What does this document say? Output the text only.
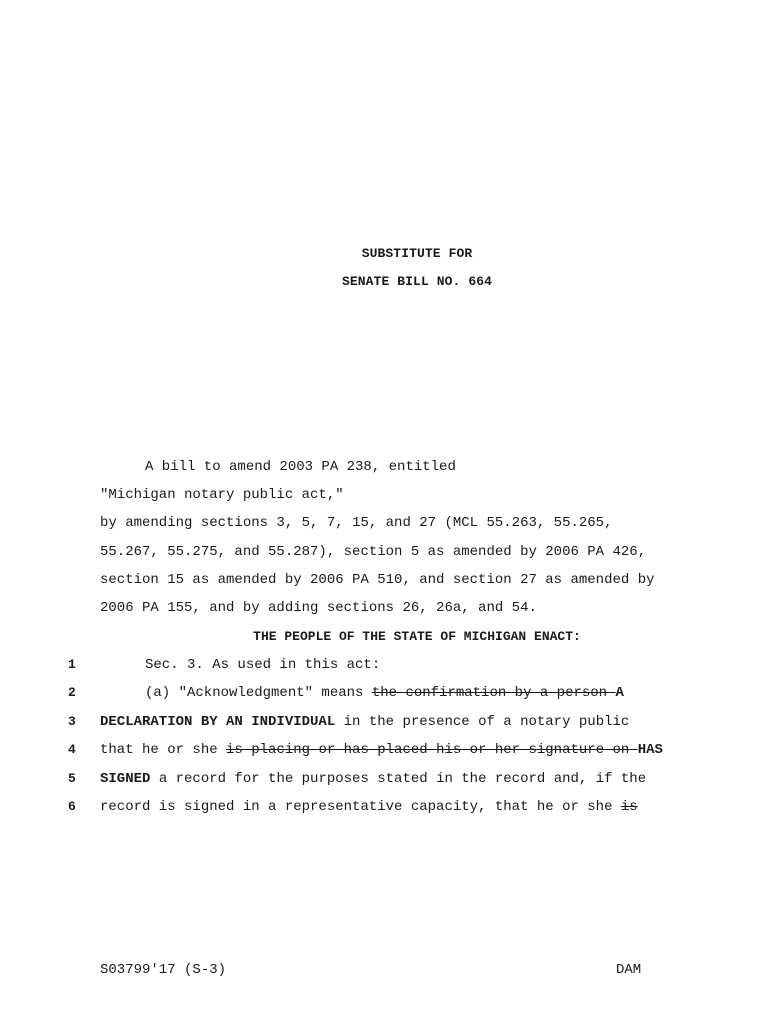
SUBSTITUTE FOR
SENATE BILL NO. 664
A bill to amend 2003 PA 238, entitled
"Michigan notary public act,"
by amending sections 3, 5, 7, 15, and 27 (MCL 55.263, 55.265,
55.267, 55.275, and 55.287), section 5 as amended by 2006 PA 426,
section 15 as amended by 2006 PA 510, and section 27 as amended by
2006 PA 155, and by adding sections 26, 26a, and 54.
THE PEOPLE OF THE STATE OF MICHIGAN ENACT:
1	Sec. 3. As used in this act:
2	(a) "Acknowledgment" means the confirmation by a person A
3 DECLARATION BY AN INDIVIDUAL in the presence of a notary public
4 that he or she is placing or has placed his or her signature on HAS
5 SIGNED a record for the purposes stated in the record and, if the
6 record is signed in a representative capacity, that he or she is
S03799'17 (S-3)	DAM
